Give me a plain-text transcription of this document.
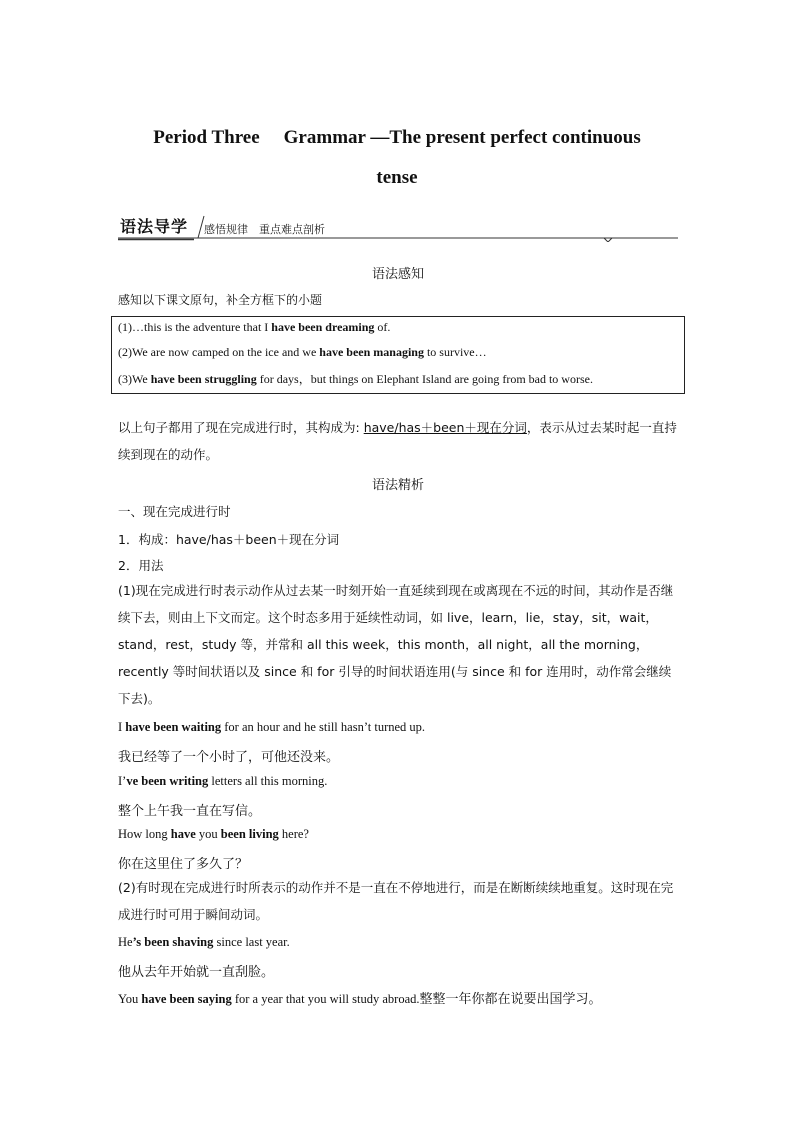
Period Three Grammar —The present perfect continuous
tense
语法导学 感悟规律　重点难点剖析
语法感知
感知以下课文原句，补全方框下的小题
(1)…this is the adventure that I have been dreaming of.
(2)We are now camped on the ice and we have been managing to survive…
(3)We have been struggling for days，but things on Elephant Island are going from bad to worse.
以上句子都用了现在完成进行时，其构成为: have/has＋been＋现在分词，表示从过去某时起一直持续到现在的动作。
语法精析
一、现在完成进行时
1．构成：have/has＋been＋现在分词
2．用法
(1)现在完成进行时表示动作从过去某一时刻开始一直延续到现在或离现在不远的时间，其动作是否继续下去，则由上下文而定。这个时态多用于延续性动词，如 live，learn，lie，stay，sit，wait，stand，rest，study 等，并常和 all this week，this month，all night，all the morning，recently 等时间状语以及 since 和 for 引导的时间状语连用(与 since 和 for 连用时，动作常会继续下去)。
I have been waiting for an hour and he still hasn’t turned up.
我已经等了一个小时了，可他还没来。
I’ve been writing letters all this morning.
整个上午我一直在写信。
How long have you been living here?
你在这里住了多久了？
(2)有时现在完成进行时所表示的动作并不是一直在不停地进行，而是在断断续续地重复。这时现在完成进行时可用于瞬间动词。
He’s been shaving since last year.
他从去年开始就一直刮脸。
You have been saying for a year that you will study abroad.整整一年你都在说要出国学习。
